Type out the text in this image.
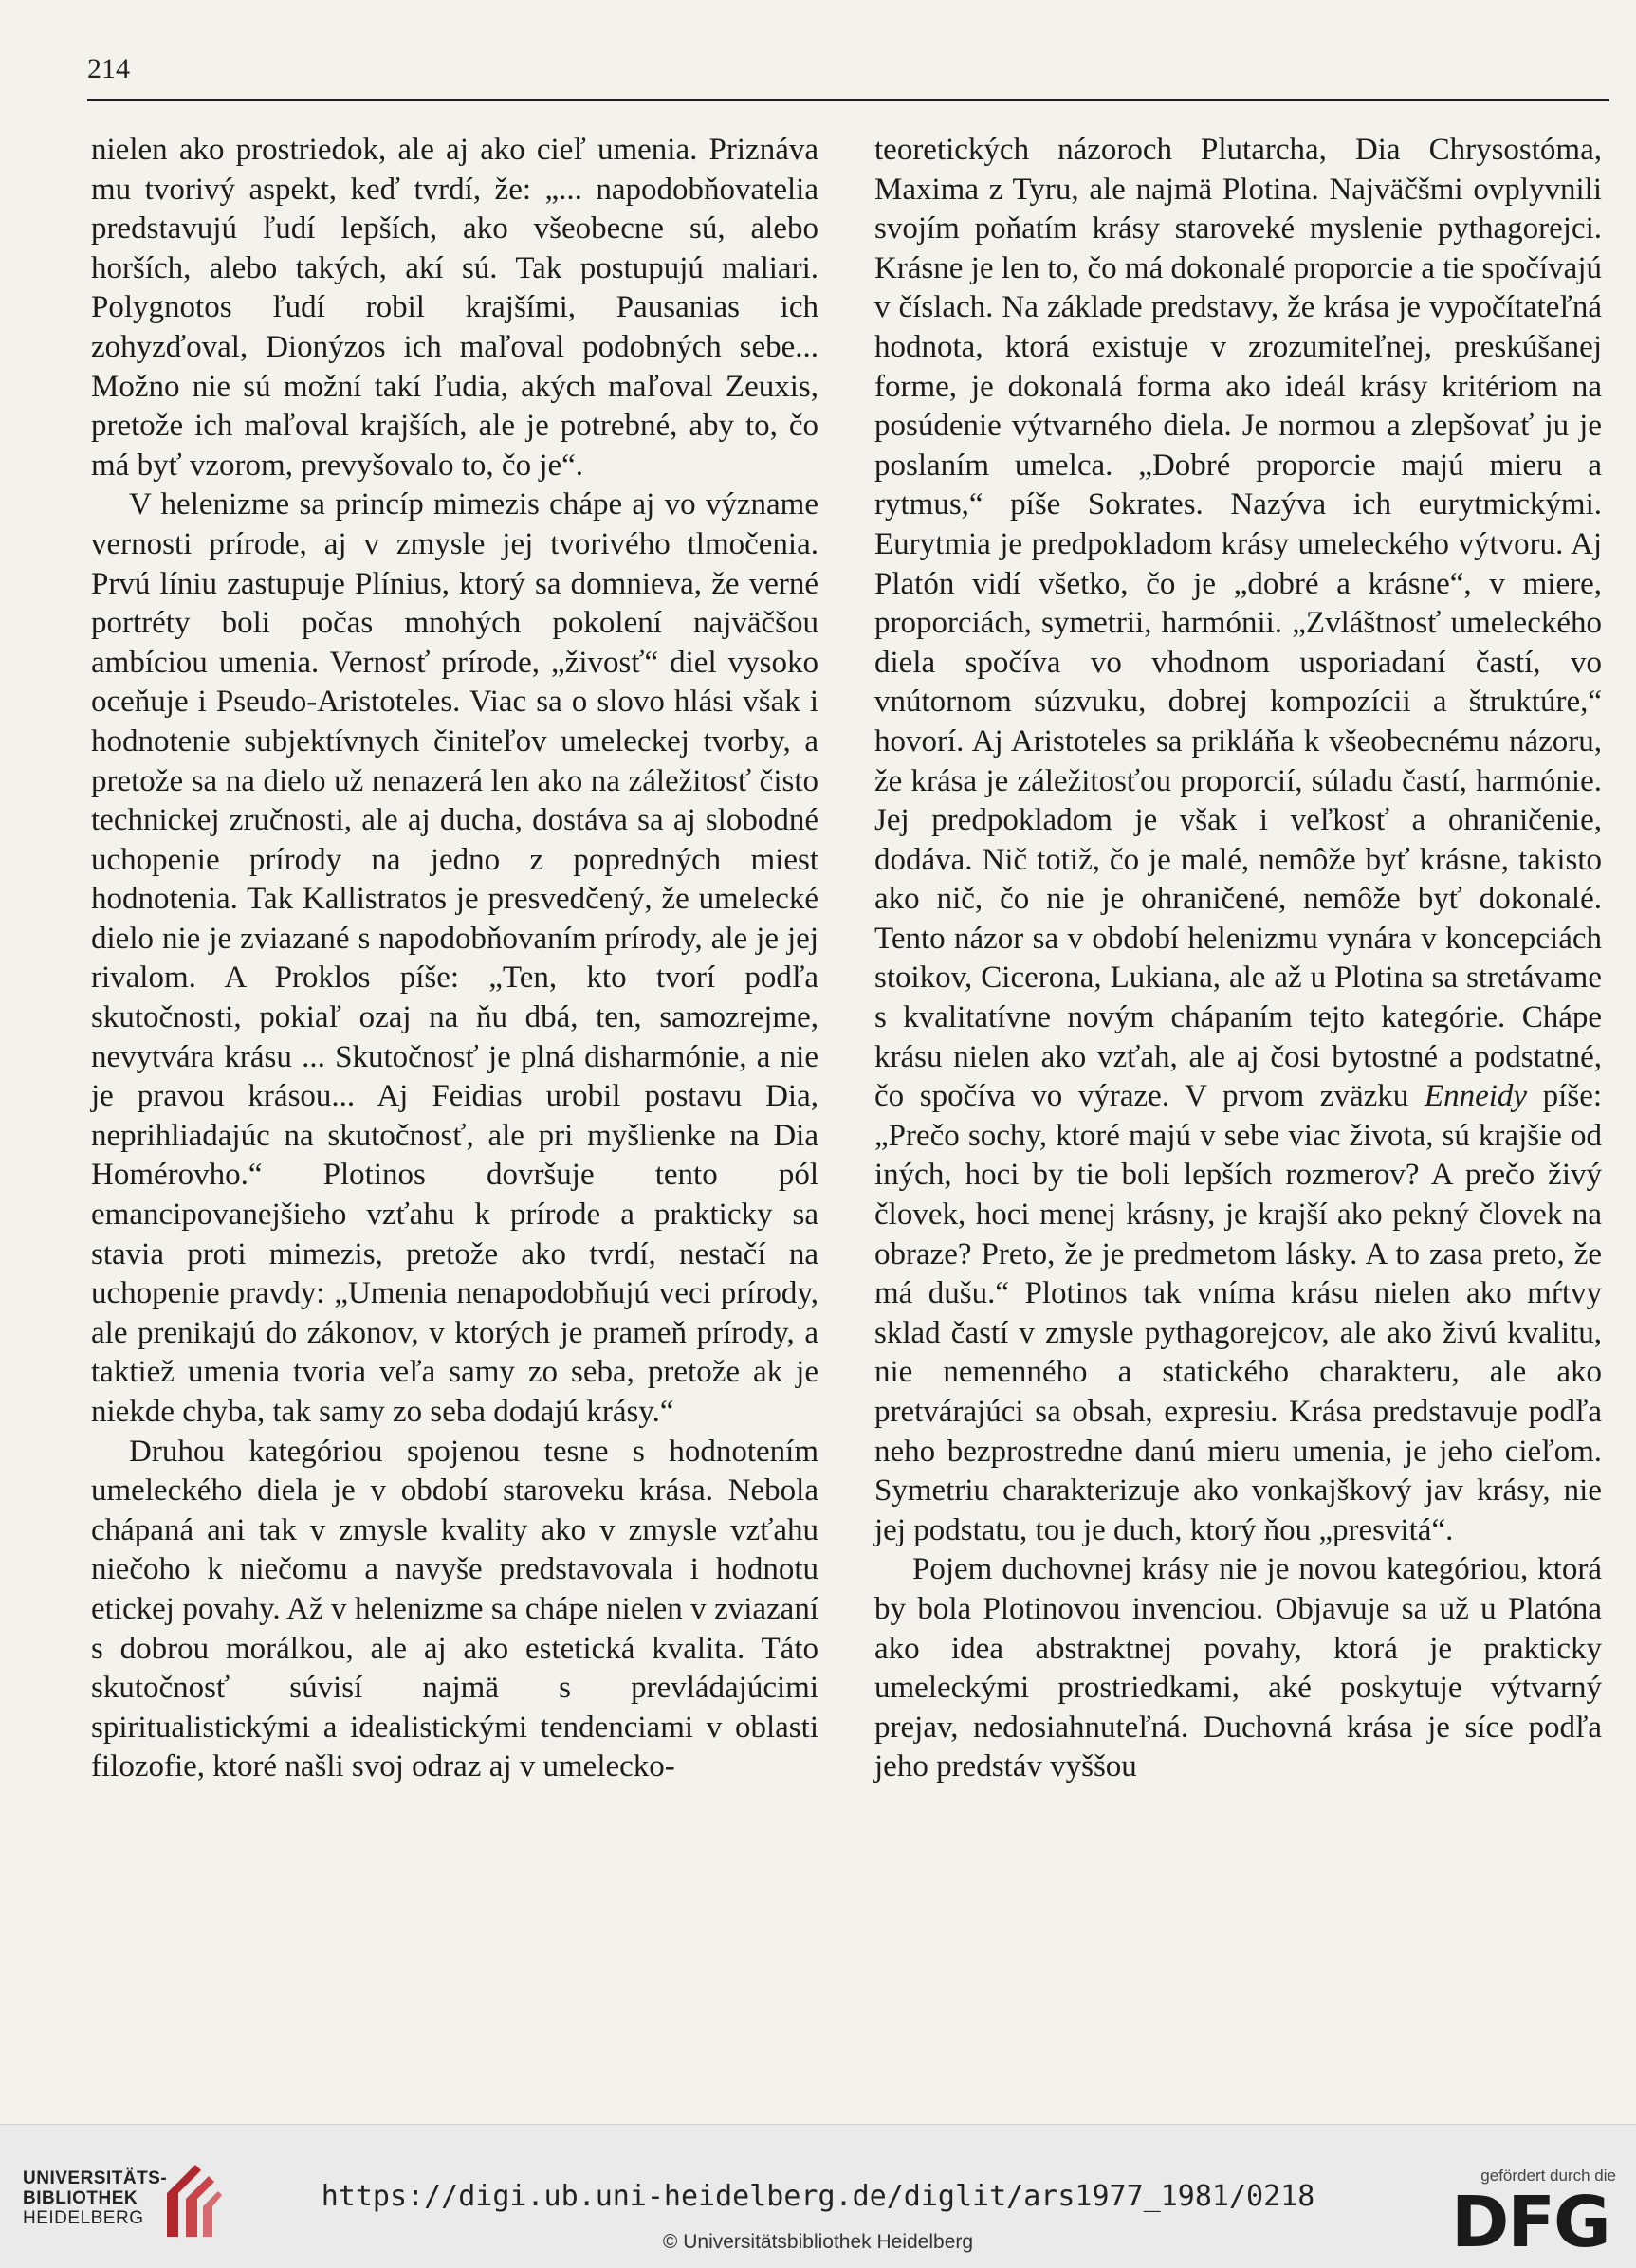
214

nielen ako prostriedok, ale aj ako cieľ umenia. Priznáva mu tvorivý aspekt, keď tvrdí, že: „... napodobňovatelia predstavujú ľudí lepších, ako všeobecne sú, alebo horších, alebo takých, akí sú. Tak postupujú maliari. Polygnotos ľudí robil krajšími, Pausanias ich zohyzďoval, Dionýzos ich maľoval podobných sebe... Možno nie sú možní takí ľudia, akých maľoval Zeuxis, pretože ich maľoval krajších, ale je potrebné, aby to, čo má byť vzorom, prevyšovalo to, čo je“.

V helenizme sa princíp mimezis chápe aj vo význame vernosti prírode, aj v zmysle jej tvorivého tlmočenia. Prvú líniu zastupuje Plínius, ktorý sa domnieva, že verné portréty boli počas mnohých pokolení najväčšou ambíciou umenia. Vernosť prírode, „živosť“ diel vysoko oceňuje i Pseudo-Aristoteles. Viac sa o slovo hlási však i hodnotenie subjektívnych činiteľov umeleckej tvorby, a pretože sa na dielo už nenazerá len ako na záležitosť čisto technickej zručnosti, ale aj ducha, dostáva sa aj slobodné uchopenie prírody na jedno z popredných miest hodnotenia. Tak Kallistratos je presvedčený, že umelecké dielo nie je zviazané s napodobňovaním prírody, ale je jej rivalom. A Proklos píše: „Ten, kto tvorí podľa skutočnosti, pokiaľ ozaj na ňu dbá, ten, samozrejme, nevytvára krásu ... Skutočnosť je plná disharmónie, a nie je pravou krásou... Aj Feidias urobil postavu Dia, neprihliadajúc na skutočnosť, ale pri myšlienke na Dia Homérovho.“ Plotinos dovršuje tento pól emancipovanejšieho vzťahu k prírode a prakticky sa stavia proti mimezis, pretože ako tvrdí, nestačí na uchopenie pravdy: „Umenia nenapodobňujú veci prírody, ale prenikajú do zákonov, v ktorých je prameň prírody, a taktiež umenia tvoria veľa samy zo seba, pretože ak je niekde chyba, tak samy zo seba dodajú krásy.“

Druhou kategóriou spojenou tesne s hodnotením umeleckého diela je v období staroveku krása. Nebola chápaná ani tak v zmysle kvality ako v zmysle vzťahu niečoho k niečomu a navyše predstavovala i hodnotu etickej povahy. Až v helenizme sa chápe nielen v zviazaní s dobrou morálkou, ale aj ako estetická kvalita. Táto skutočnosť súvisí najmä s prevládajúcimi spiritualistickými a idealistickými tendenciami v oblasti filozofie, ktoré našli svoj odraz aj v umelecko-

teoretických názoroch Plutarcha, Dia Chrysostóma, Maxima z Tyru, ale najmä Plotina. Najväčšmi ovplyvnili svojím poňatím krásy staroveké myslenie pythagorejci. Krásne je len to, čo má dokonalé proporcie a tie spočívajú v číslach. Na základe predstavy, že krása je vypočítateľná hodnota, ktorá existuje v zrozumiteľnej, preskúšanej forme, je dokonalá forma ako ideál krásy kritériom na posúdenie výtvarného diela. Je normou a zlepšovať ju je poslaním umelca. „Dobré proporcie majú mieru a rytmus,“ píše Sokrates. Nazýva ich eurytmickými. Eurytmia je predpokladom krásy umeleckého výtvoru. Aj Platón vidí všetko, čo je „dobré a krásne“, v miere, proporciách, symetrii, harmónii. „Zvláštnosť umeleckého diela spočíva vo vhodnom usporiadaní častí, vo vnútornom súzvuku, dobrej kompozícii a štruktúre,“ hovorí. Aj Aristoteles sa prikláňa k všeobecnému názoru, že krása je záležitosťou proporcií, súladu častí, harmónie. Jej predpokladom je však i veľkosť a ohraničenie, dodáva. Nič totiž, čo je malé, nemôže byť krásne, takisto ako nič, čo nie je ohraničené, nemôže byť dokonalé. Tento názor sa v období helenizmu vynára v koncepciách stoikov, Cicerona, Lukiana, ale až u Plotina sa stretávame s kvalitatívne novým chápaním tejto kategórie. Chápe krásu nielen ako vzťah, ale aj čosi bytostné a podstatné, čo spočíva vo výraze. V prvom zväzku Enneidy píše: „Prečo sochy, ktoré majú v sebe viac života, sú krajšie od iných, hoci by tie boli lepších rozmerov? A prečo živý človek, hoci menej krásny, je krajší ako pekný človek na obraze? Preto, že je predmetom lásky. A to zasa preto, že má dušu.“ Plotinos tak vníma krásu nielen ako mŕtvy sklad častí v zmysle pythagorejcov, ale ako živú kvalitu, nie nemenného a statického charakteru, ale ako pretvárajúci sa obsah, expresiu. Krása predstavuje podľa neho bezprostredne danú mieru umenia, je jeho cieľom. Symetriu charakterizuje ako vonkajškový jav krásy, nie jej podstatu, tou je duch, ktorý ňou „presvitá“.

Pojem duchovnej krásy nie je novou kategóriou, ktorá by bola Plotinovou invenciou. Objavuje sa už u Platóna ako idea abstraktnej povahy, ktorá je prakticky umeleckými prostriedkami, aké poskytuje výtvarný prejav, nedosiahnuteľná. Duchovná krása je síce podľa jeho predstáv vyššou

UNIVERSITÄTS-
BIBLIOTHEK
HEIDELBERG
https://digi.ub.uni-heidelberg.de/diglit/ars1977_1981/0218
© Universitätsbibliothek Heidelberg
gefördert durch die
DFG
